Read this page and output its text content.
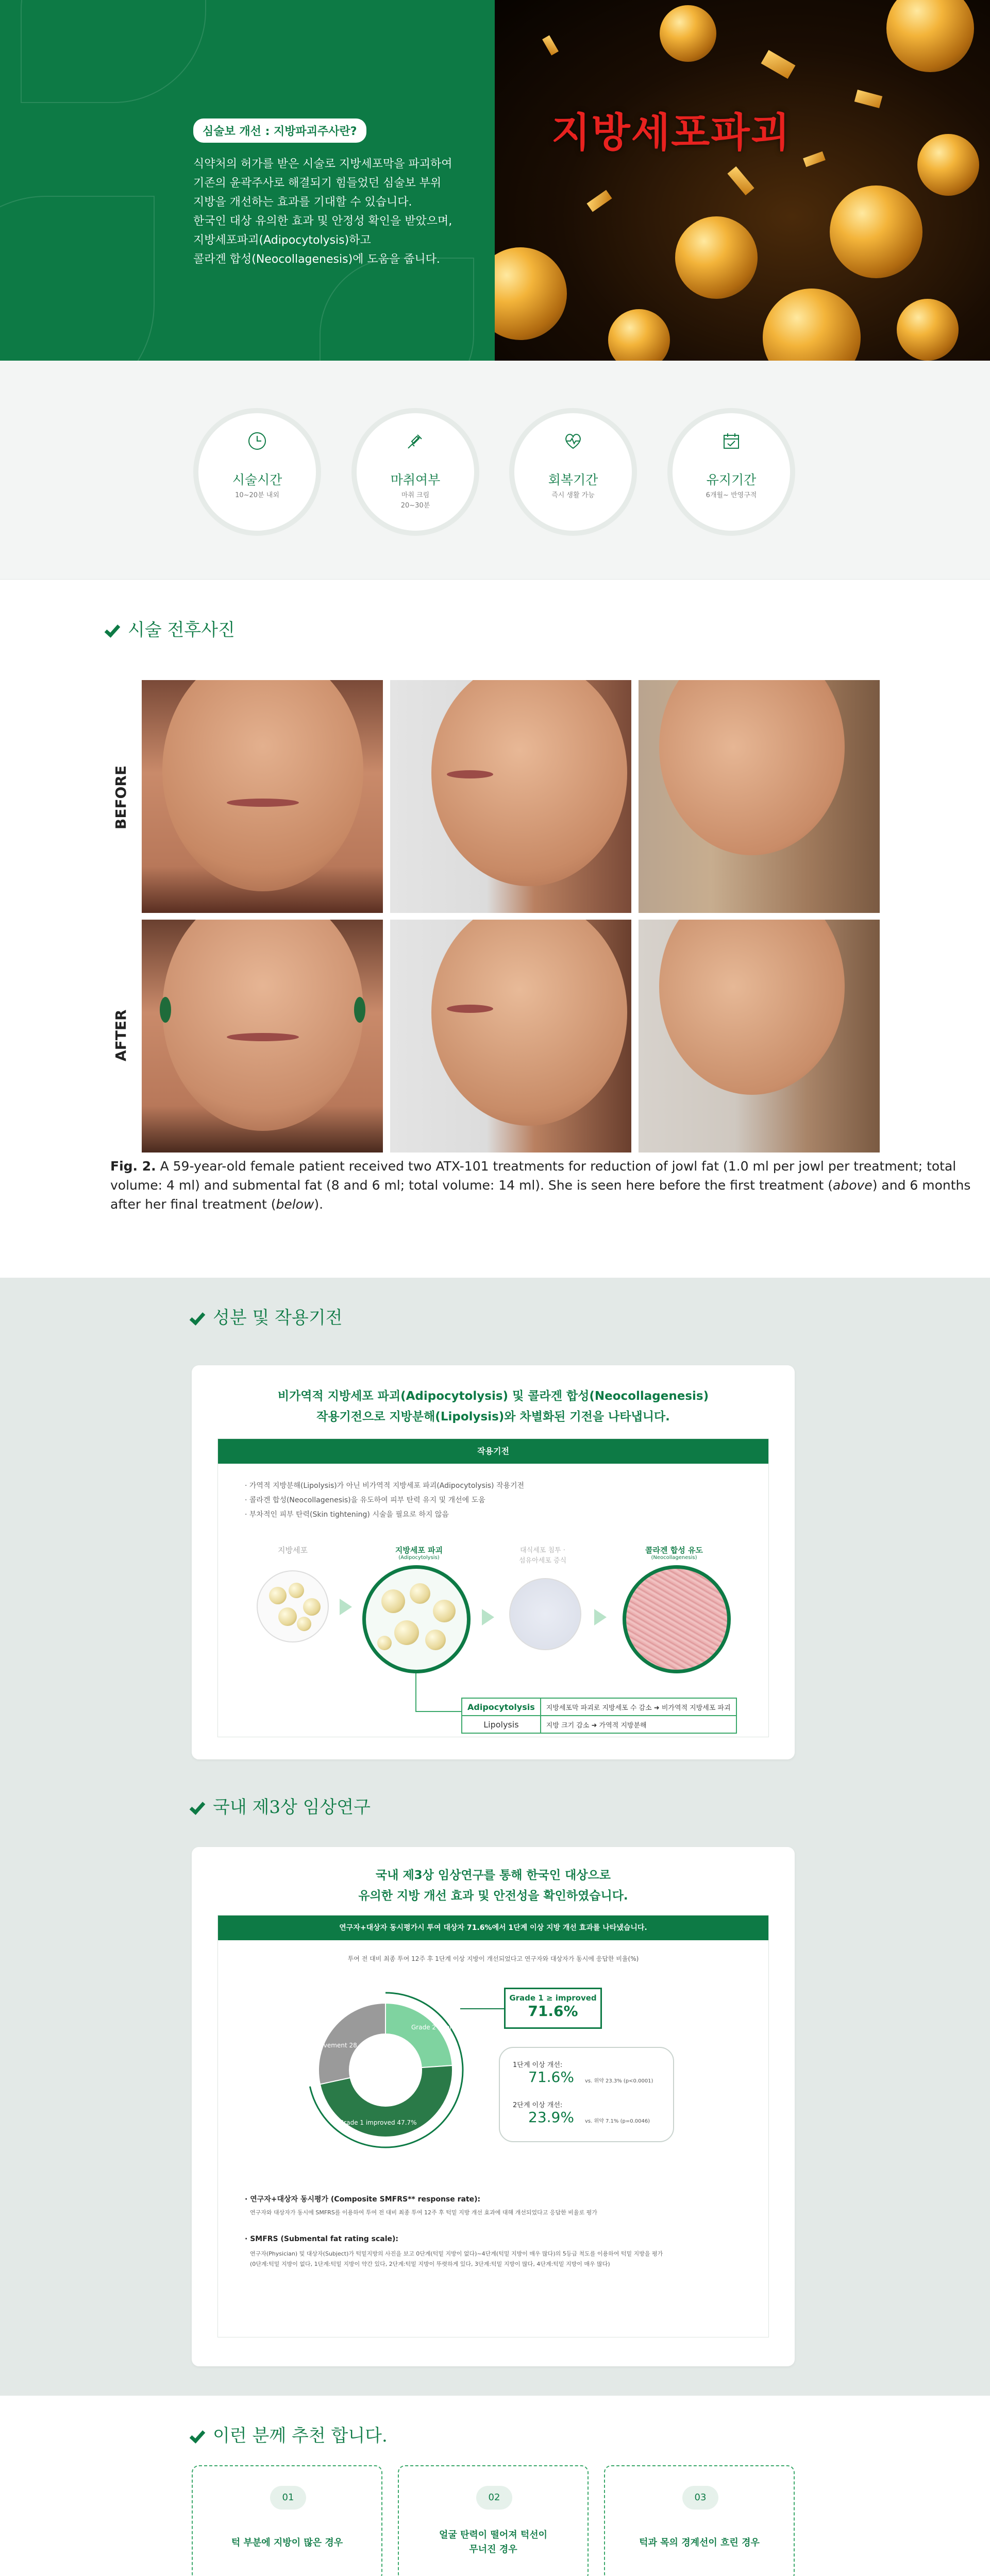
심술보 개선 : 지방파괴주사란?

식약처의 허가를 받은 시술로 지방세포막을 파괴하여

기존의 윤곽주사로 해결되기 힘들었던 심술보 부위

지방을 개선하는 효과를 기대할 수 있습니다.

한국인 대상 유의한 효과 및 안정성 확인을 받았으며,

지방세포파괴(Adipocytolysis)하고

콜라겐 합성(Neocollagenesis)에 도움을 줍니다.

지방세포파괴
시술시간
10~20분 내외
마취여부
마취 크림
20~30분
회복기간
즉시 생활 가능
유지기간
6개월~ 반영구적
시술 전후사진
BEFORE
AFTER

Fig. 2. A 59-year-old female patient received two ATX-101 treatments for reduction of jowl fat (1.0 ml per jowl per treatment; total

volume: 4 ml) and submental fat (8 and 6 ml; total volume: 14 ml). She is seen here before the first treatment (above) and 6 months

after her final treatment (below).

성분 및 작용기전

비가역적 지방세포 파괴(Adipocytolysis) 및 콜라겐 합성(Neocollagenesis)

작용기전으로 지방분해(Lipolysis)와 차별화된 기전을 나타냅니다.

작용기전
· 가역적 지방분해(Lipolysis)가 아닌 비가역적 지방세포 파괴(Adipocytolysis) 작용기전
· 콜라겐 합성(Neocollagenesis)을 유도하여 피부 탄력 유지 및 개선에 도움
· 부차적인 피부 탄력(Skin tightening) 시술을 필요로 하지 않음
지방세포	지방세포 파괴
(Adipocytolysis)
대식세포 침투 ·
섬유아세포 증식
콜라겐 합성 유도
(Neocollagenesis)
Adipocytolysis	지방세포막 파괴로 지방세포 수 감소 ➜ 비가역적 지방세포 파괴
Lipolysis	지방 크기 감소 ➜ 가역적 지방분해
국내 제3상 임상연구

국내 제3상 임상연구를 통해 한국인 대상으로

유의한 지방 개선 효과 및 안전성을 확인하였습니다.

연구자+대상자 동시평가시 투여 대상자 71.6%에서 1단계 이상 지방 개선 효과를 나타냈습니다.
투여 전 대비 최종 투여 12주 후 1단계 이상 지방이 개선되었다고 연구자와 대상자가 동시에 응답한 비율(%)
Grade 2 improved 23.9%
Grade 1 improved 47.7%
No improvement 28.4%
Grade 1 ≥ improved
71.6%
1단계 이상 개선:
71.6% vs. 위약 23.3% (p<0.0001)
2단계 이상 개선:
23.9% vs. 위약 7.1% (p=0.0046)
· 연구자+대상자 동시평가 (Composite SMFRS** response rate):
연구자와 대상자가 동시에 SMFRS를 이용하여 투여 전 대비 최종 투여 12주 후 턱밑 지방 개선 효과에 대해 개선되었다고 응답한 비율로 평가
· SMFRS (Submental fat rating scale):
연구자(Physician) 및 대상자(Subject)가 턱밑지방의 사진을 보고 0단계(턱밑 지방이 없다)~4단계(턱밑 지방이 매우 많다)의 5등급 척도를 이용하여 턱밑 지방을 평가
(0단계:턱밑 지방이 없다, 1단계:턱밑 지방이 약간 있다, 2단계:턱밑 지방이 뚜렷하게 있다, 3단계:턱밑 지방이 많다, 4단계:턱밑 지방이 매우 많다)
이런 분께 추천 합니다.
01

턱 부분에 지방이 많은 경우

02

얼굴 탄력이 떨어져 턱선이

무너진 경우

03

턱과 목의 경계선이 흐린 경우
